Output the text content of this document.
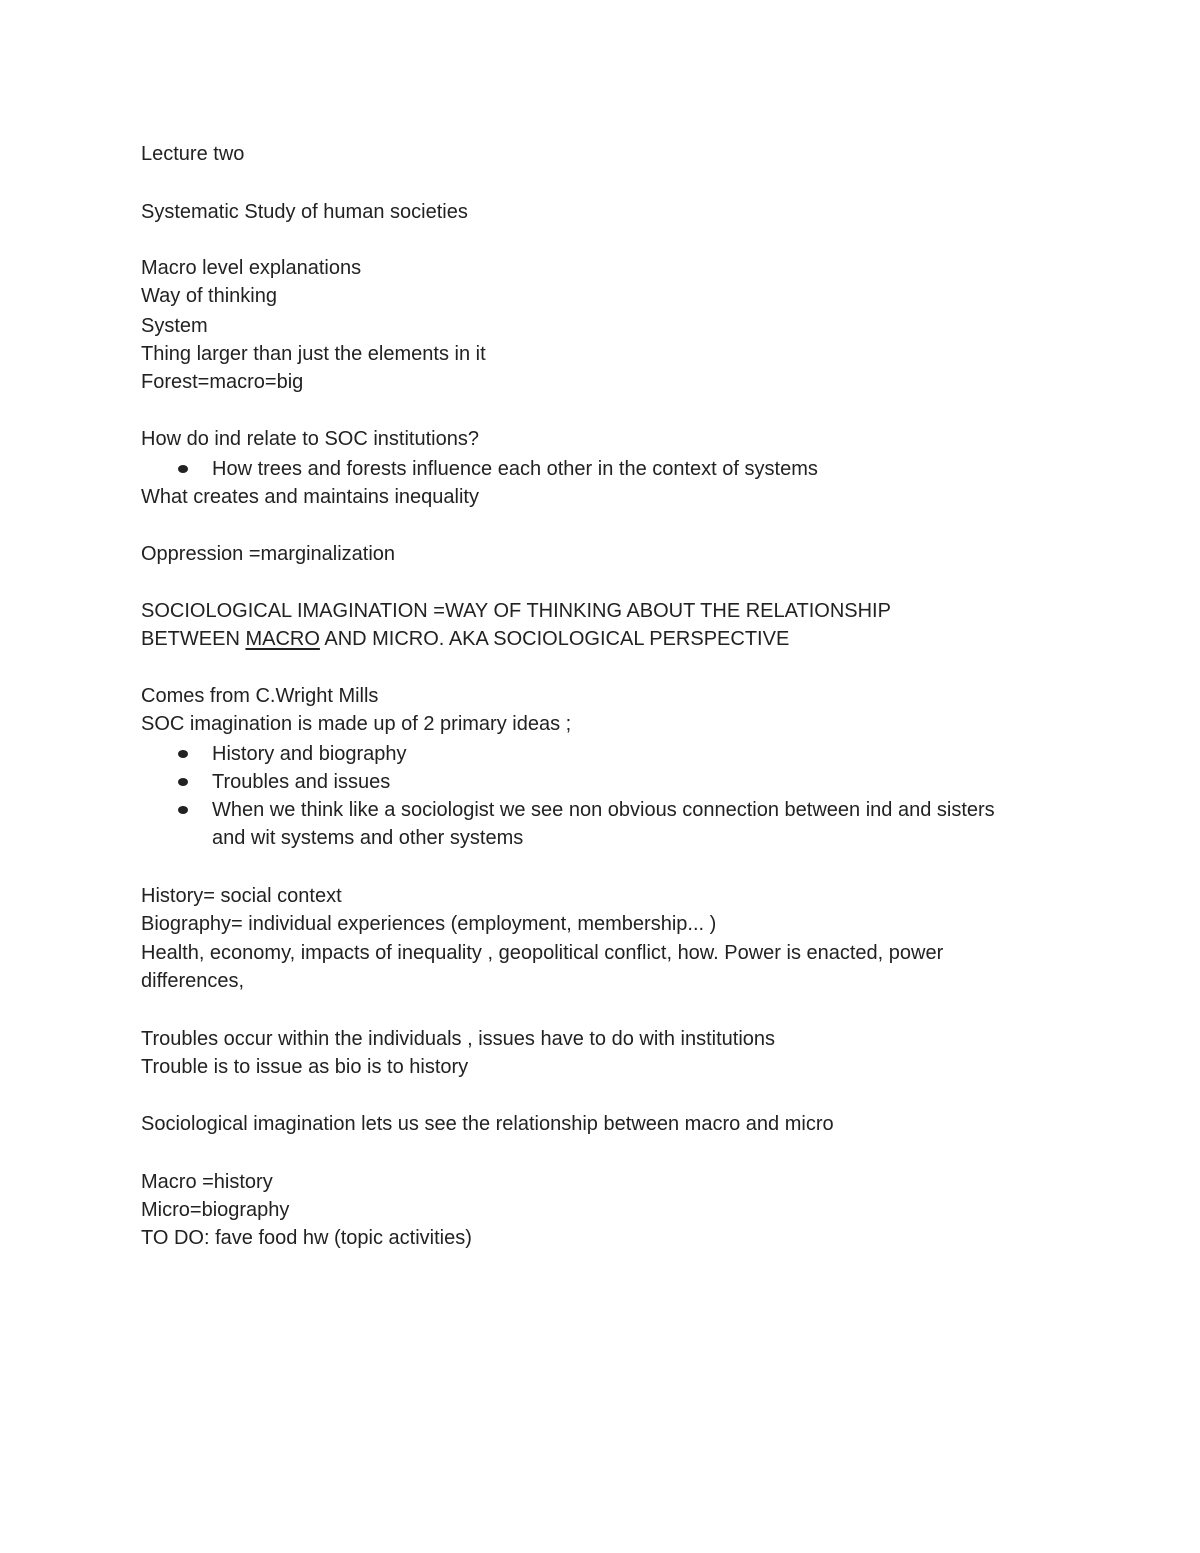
Lecture two
Systematic Study of human societies
Macro level explanations
Way of thinking
System
Thing larger than just the elements in it
Forest=macro=big
How do ind relate to SOC institutions?
How trees and forests influence each other in the context of systems
What creates and maintains inequality
Oppression =marginalization
SOCIOLOGICAL IMAGINATION =WAY OF THINKING ABOUT THE RELATIONSHIP
BETWEEN MACRO AND MICRO. AKA SOCIOLOGICAL PERSPECTIVE
Comes from C.Wright Mills
SOC imagination is made up of 2 primary ideas ;
History and biography
Troubles and issues
When we think like a sociologist we see non obvious connection between ind and sisters
and wit systems and other systems
History= social context
Biography= individual experiences (employment, membership... )
Health, economy, impacts of inequality , geopolitical conflict, how. Power is enacted, power
differences,
Troubles occur within the individuals , issues have to do with institutions
Trouble is to issue as bio is to history
Sociological imagination lets us see the relationship between macro and micro
Macro =history
Micro=biography
TO DO: fave food hw (topic activities)
